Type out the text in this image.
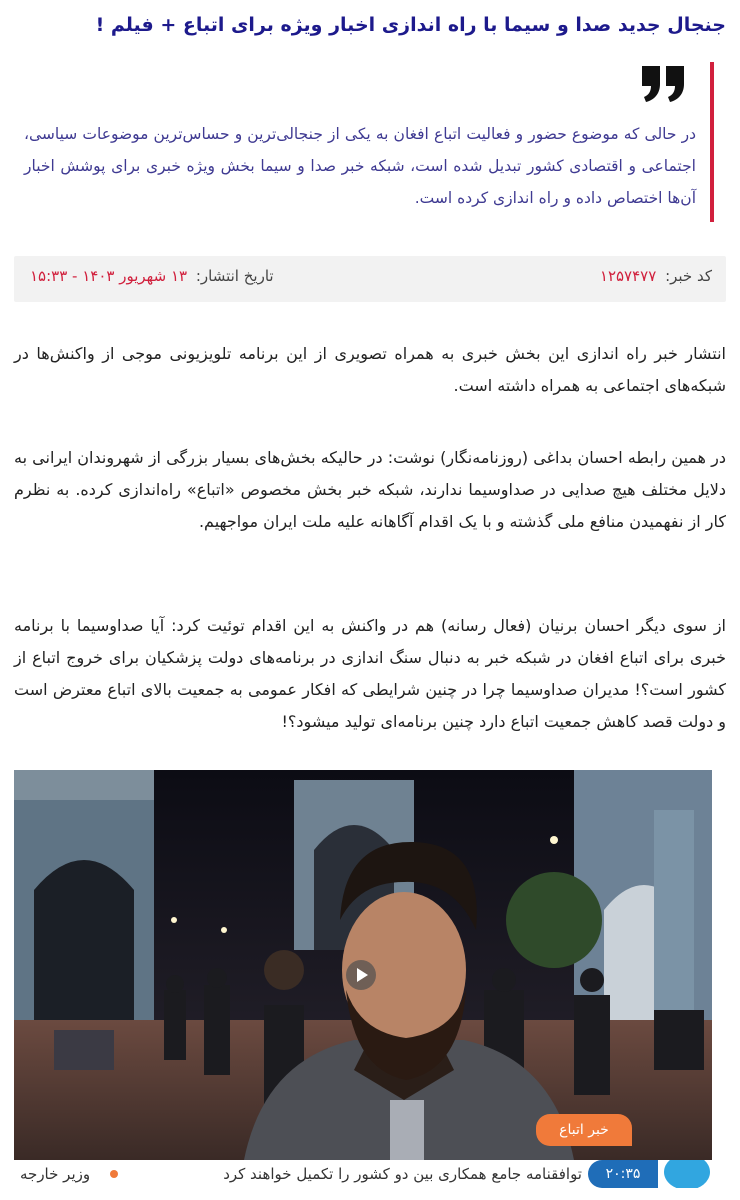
جنجال جدید صدا و سیما با راه اندازی اخبار ویژه برای اتباع + فیلم !

در حالی که موضوع حضور و فعالیت اتباع افغان به یکی از جنجالی‌ترین و حساس‌ترین موضوعات سیاسی، اجتماعی و اقتصادی کشور تبدیل شده است، شبکه خبر صدا و سیما بخش ویژه خبری برای پوشش اخبار آن‌ها اختصاص داده و راه اندازی کرده است.

کد خبر: ۱۲۵۷۴۷۷
تاریخ انتشار: ۱۳ شهریور ۱۴۰۳ - ۱۵:۳۳

انتشار خبر راه اندازی این بخش خبری به همراه تصویری از این برنامه تلویزیونی موجی از واکنش‌ها در شبکه‌های اجتماعی به همراه داشته است.

در همین رابطه احسان بداغی (روزنامه‌نگار) نوشت: در حالیکه بخش‌های بسیار بزرگی از شهروندان ایرانی به دلایل مختلف هیچ صدایی در صداوسیما ندارند، شبکه خبر بخش مخصوص «اتباع» راه‌اندازی کرده. به نظرم کار از نفهمیدن منافع ملی گذشته و با یک اقدام آگاهانه علیه ملت ایران مواجهیم.

از سوی دیگر احسان برنیان (فعال رسانه) هم در واکنش به این اقدام توئیت کرد: آیا صداوسیما با برنامه خبری برای اتباع افغان در شبکه خبر به دنبال سنگ اندازی در برنامه‌های دولت پزشکیان برای خروج اتباع از کشور است؟! مدیران صداوسیما چرا در چنین شرایطی که افکار عمومی به جمعیت بالای اتباع معترض است و دولت قصد کاهش جمعیت اتباع دارد چنین برنامه‌ای تولید میشود؟!

خبر اتباع
۲۰:۳۵
توافقنامه جامع همکاری بین دو کشور را تکمیل خواهند کرد
وزیر خارجه
